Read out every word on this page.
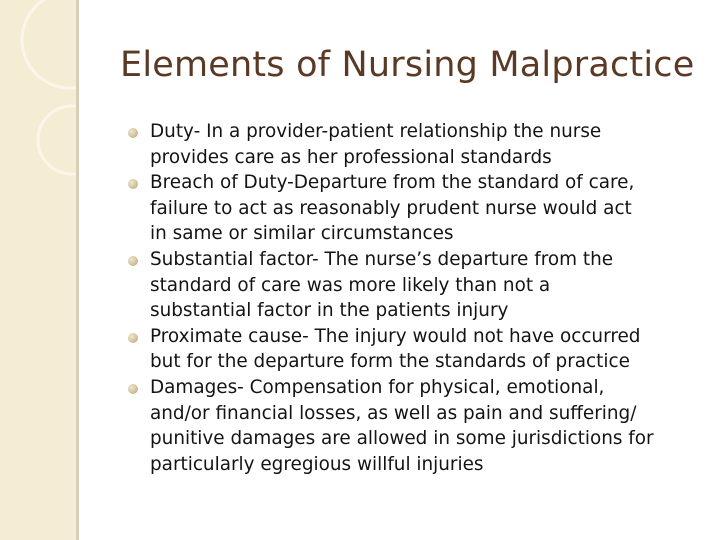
Elements of Nursing Malpractice
Duty- In a provider-patient relationship the nurse
provides care as her professional standards
Breach of Duty-Departure from the standard of care,
failure to act as reasonably prudent nurse would act
in same or similar circumstances
Substantial factor- The nurse’s departure from the
standard of care was more likely than not a
substantial factor in the patients injury
Proximate cause- The injury would not have occurred
but for the departure form the standards of practice
Damages- Compensation for physical, emotional,
and/or financial losses, as well as pain and suffering/
punitive damages are allowed in some jurisdictions for
particularly egregious willful injuries
